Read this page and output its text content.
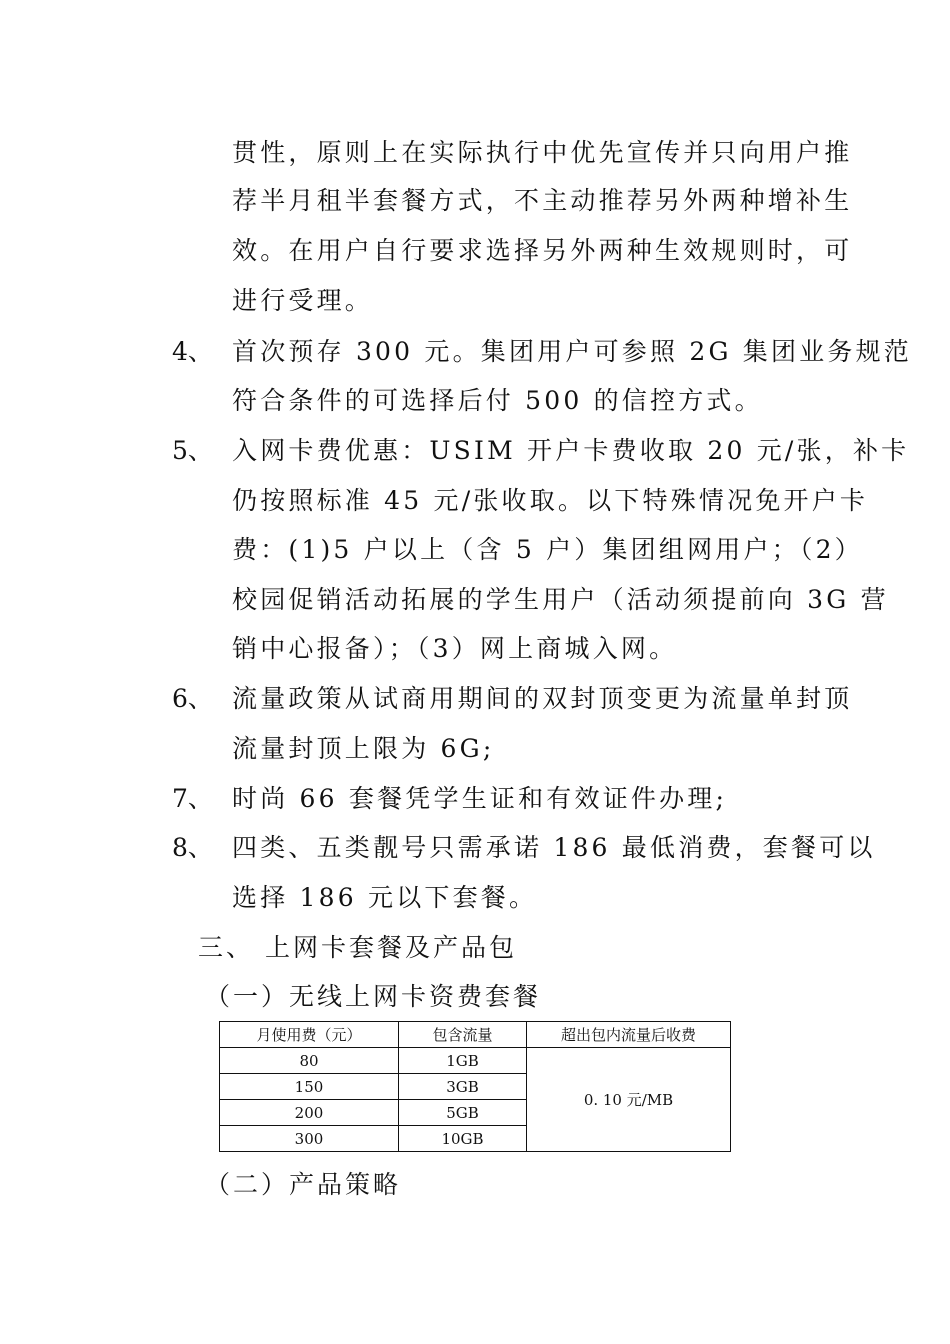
贯性，原则上在实际执行中优先宣传并只向用户推
荐半月租半套餐方式，不主动推荐另外两种增补生
效。在用户自行要求选择另外两种生效规则时，可
进行受理。
4、 首次预存 300 元。集团用户可参照 2G 集团业务规范
符合条件的可选择后付 500 的信控方式。
5、 入网卡费优惠：USIM 开户卡费收取 20 元/张，补卡
仍按照标准 45 元/张收取。以下特殊情况免开户卡
费：(1)5 户以上（含 5 户）集团组网用户；（2）
校园促销活动拓展的学生用户（活动须提前向 3G 营
销中心报备）；（3）网上商城入网。
6、 流量政策从试商用期间的双封顶变更为流量单封顶
流量封顶上限为 6G;
7、 时尚 66 套餐凭学生证和有效证件办理;
8、 四类、五类靓号只需承诺 186 最低消费，套餐可以
选择 186 元以下套餐。
三、 上网卡套餐及产品包
（一）无线上网卡资费套餐
月使用费（元）	包含流量	超出包内流量后收费
80	1GB	0. 10 元/MB
150	3GB	
200	5GB	
300	10GB	
（二）产品策略
